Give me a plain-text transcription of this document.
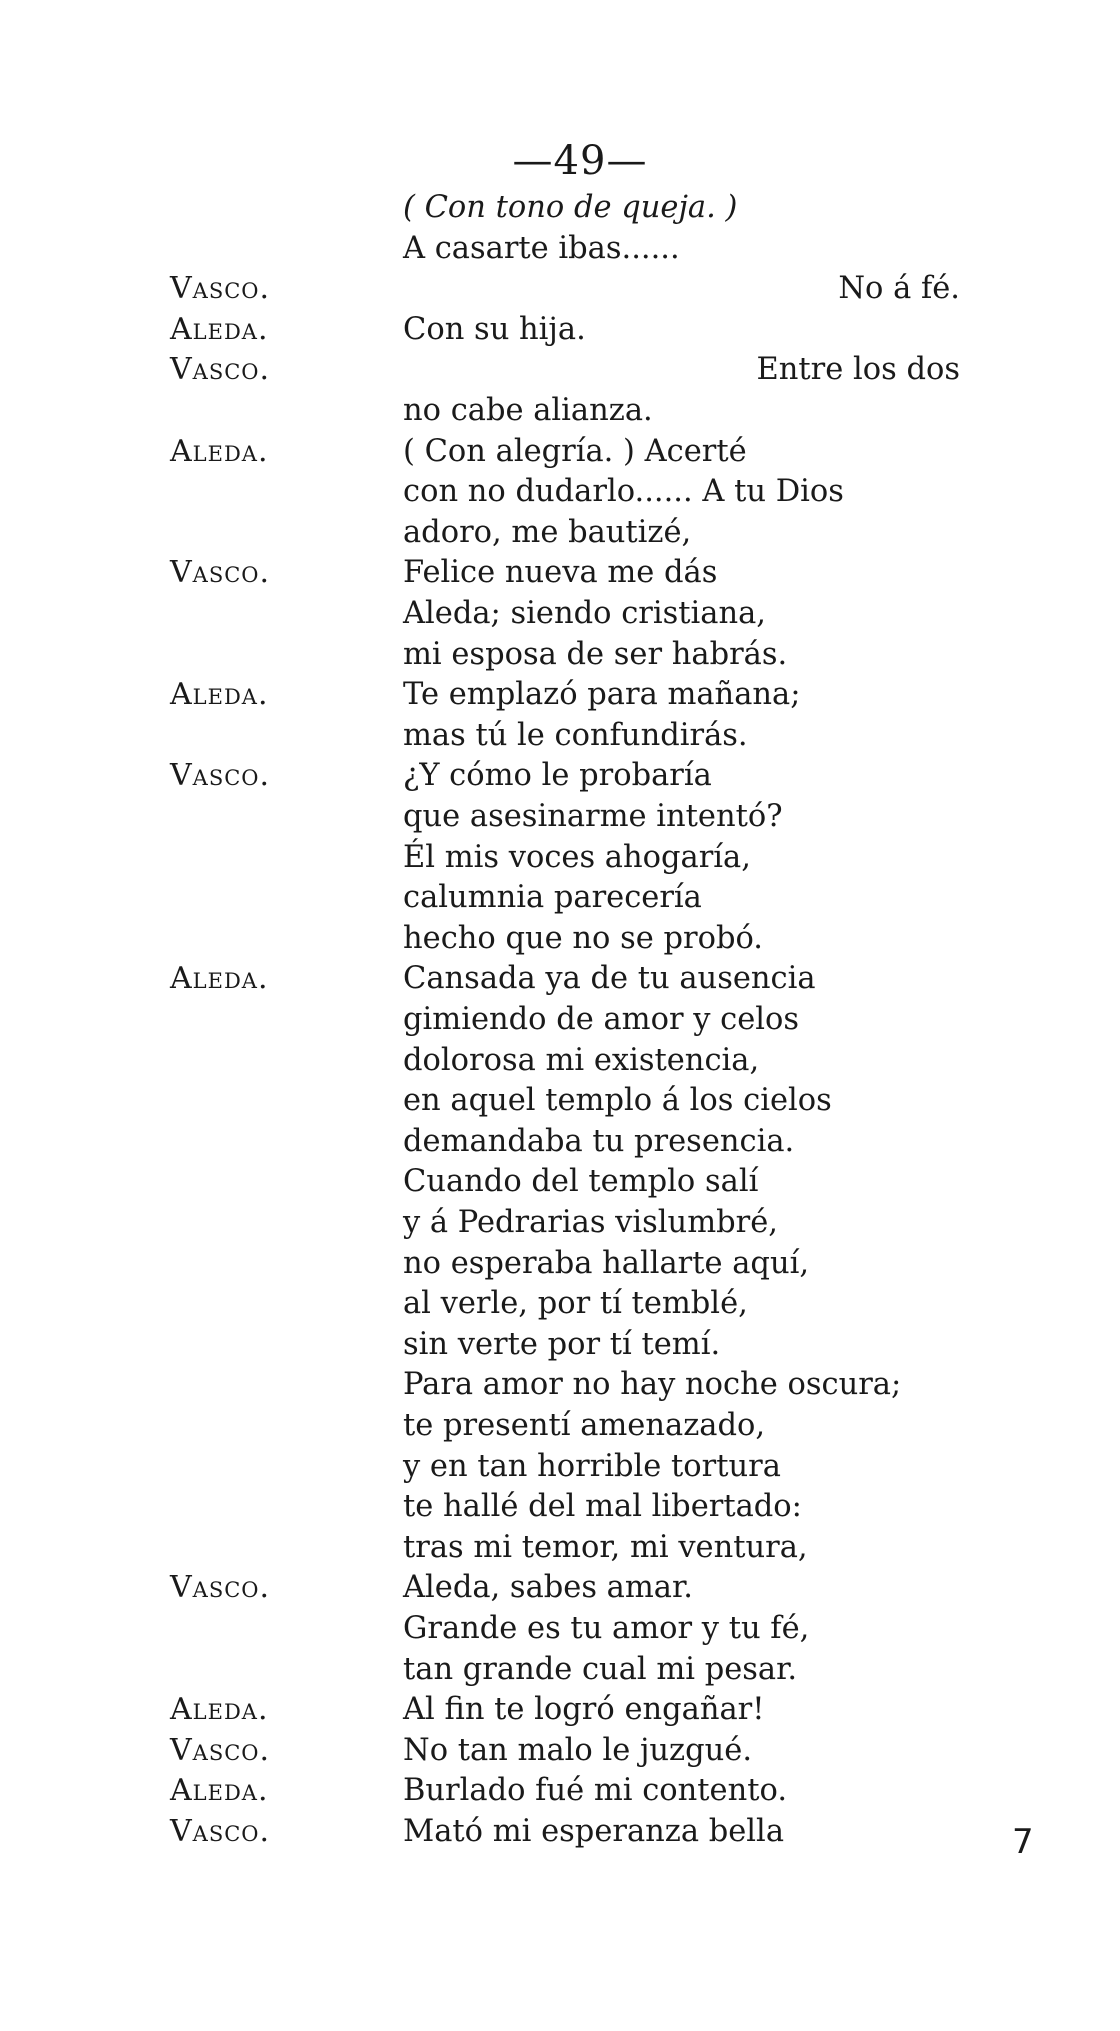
—49—
( Con tono de queja. )
A casarte ibas......
Vasco.	No á fé.
Aleda.	Con su hija.
Vasco.	Entre los dos
no cabe alianza.
Aleda.	( Con alegría. ) Acerté
con no dudarlo...... A tu Dios
adoro, me bautizé,
Vasco.	Felice nueva me dás
Aleda; siendo cristiana,
mi esposa de ser habrás.
Aleda.	Te emplazó para mañana;
mas tú le confundirás.
Vasco.	¿Y cómo le probaría
que asesinarme intentó?
Él mis voces ahogaría,
calumnia parecería
hecho que no se probó.
Aleda.	Cansada ya de tu ausencia
gimiendo de amor y celos
dolorosa mi existencia,
en aquel templo á los cielos
demandaba tu presencia.
Cuando del templo salí
y á Pedrarias vislumbré,
no esperaba hallarte aquí,
al verle, por tí temblé,
sin verte por tí temí.
Para amor no hay noche oscura;
te presentí amenazado,
y en tan horrible tortura
te hallé del mal libertado:
tras mi temor, mi ventura,
Vasco.	Aleda, sabes amar.
Grande es tu amor y tu fé,
tan grande cual mi pesar.
Aleda.	Al fin te logró engañar!
Vasco.	No tan malo le juzgué.
Aleda.	Burlado fué mi contento.
Vasco.	Mató mi esperanza bella	7
